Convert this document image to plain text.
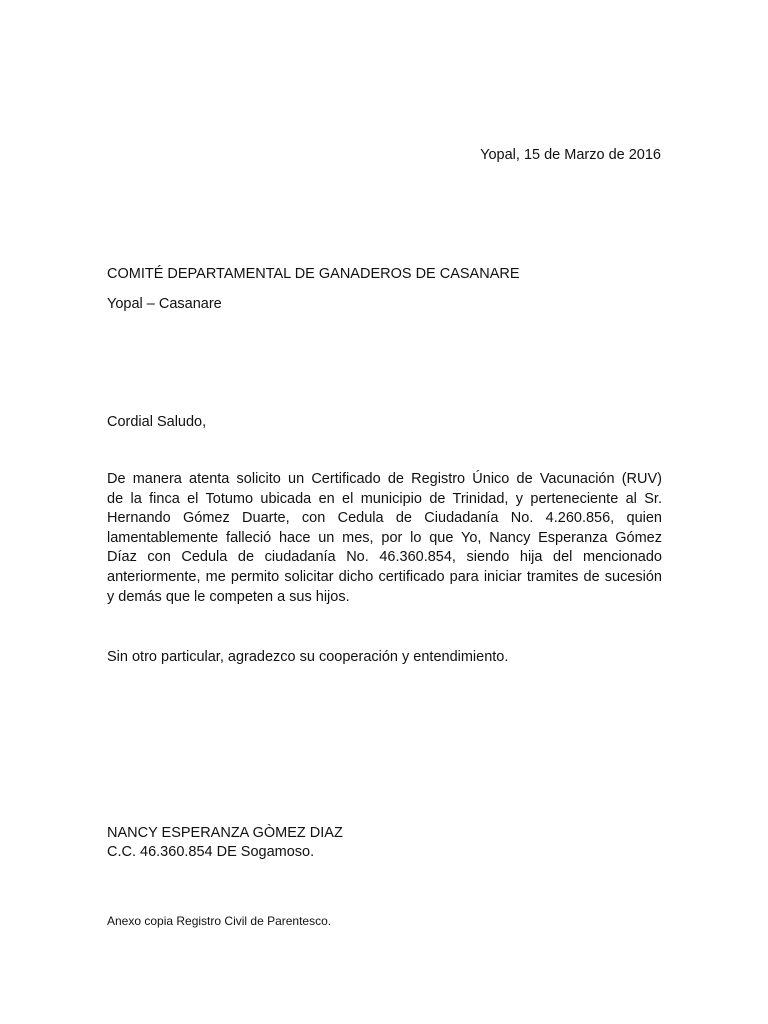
Yopal, 15 de Marzo de 2016

COMITÉ DEPARTAMENTAL DE GANADEROS DE CASANARE

Yopal – Casanare

Cordial Saludo,

De manera atenta solicito un Certificado de Registro Único de Vacunación (RUV)
de la finca el Totumo ubicada en el municipio de Trinidad, y perteneciente al Sr.
Hernando Gómez Duarte, con Cedula de Ciudadanía No. 4.260.856, quien
lamentablemente falleció hace un mes, por lo que Yo, Nancy Esperanza Gómez
Díaz con Cedula de ciudadanía No. 46.360.854, siendo hija del mencionado
anteriormente, me permito solicitar dicho certificado para iniciar tramites de sucesión
y demás que le competen a sus hijos.

Sin otro particular, agradezco su cooperación y entendimiento.

NANCY ESPERANZA GÒMEZ DIAZ

C.C. 46.360.854 DE Sogamoso.

Anexo copia Registro Civil de Parentesco.
